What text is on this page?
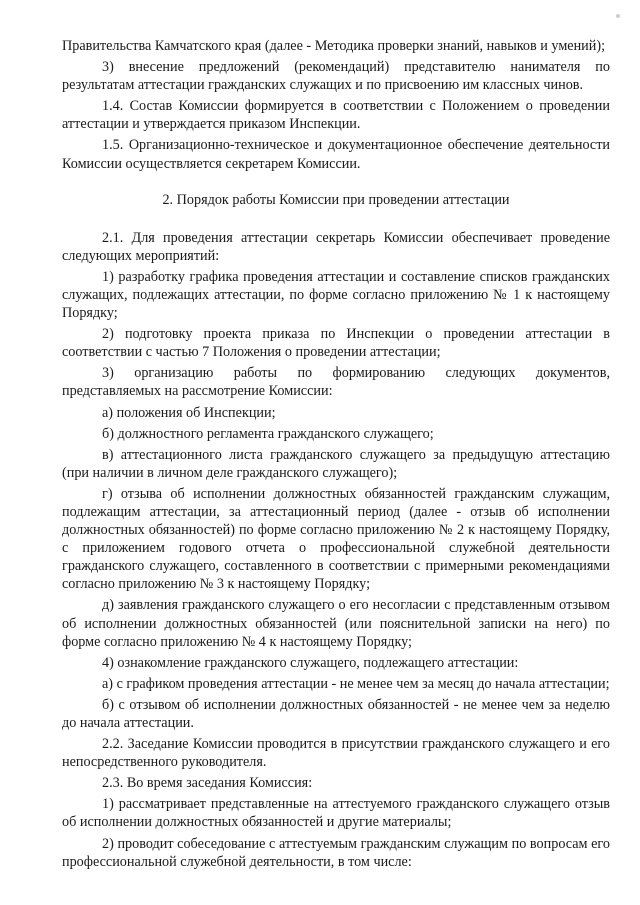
Правительства Камчатского края (далее - Методика проверки знаний, навыков и умений);

3) внесение предложений (рекомендаций) представителю нанимателя по результатам аттестации гражданских служащих и по присвоению им классных чинов.

1.4. Состав Комиссии формируется в соответствии с Положением о проведении аттестации и утверждается приказом Инспекции.

1.5. Организационно-техническое и документационное обеспечение деятельности Комиссии осуществляется секретарем Комиссии.

2. Порядок работы Комиссии при проведении аттестации

2.1. Для проведения аттестации секретарь Комиссии обеспечивает проведение следующих мероприятий:

1) разработку графика проведения аттестации и составление списков гражданских служащих, подлежащих аттестации, по форме согласно приложению № 1 к настоящему Порядку;

2) подготовку проекта приказа по Инспекции о проведении аттестации в соответствии с частью 7 Положения о проведении аттестации;

3) организацию работы по формированию следующих документов, представляемых на рассмотрение Комиссии:

а) положения об Инспекции;

б) должностного регламента гражданского служащего;

в) аттестационного листа гражданского служащего за предыдущую аттестацию (при наличии в личном деле гражданского служащего);

г) отзыва об исполнении должностных обязанностей гражданским служащим, подлежащим аттестации, за аттестационный период (далее - отзыв об исполнении должностных обязанностей) по форме согласно приложению № 2 к настоящему Порядку, с приложением годового отчета о профессиональной служебной деятельности гражданского служащего, составленного в соответствии с примерными рекомендациями согласно приложению № 3 к настоящему Порядку;

д) заявления гражданского служащего о его несогласии с представленным отзывом об исполнении должностных обязанностей (или пояснительной записки на него) по форме согласно приложению № 4 к настоящему Порядку;

4) ознакомление гражданского служащего, подлежащего аттестации:

а) с графиком проведения аттестации - не менее чем за месяц до начала аттестации;

б) с отзывом об исполнении должностных обязанностей - не менее чем за неделю до начала аттестации.

2.2. Заседание Комиссии проводится в присутствии гражданского служащего и его непосредственного руководителя.

2.3. Во время заседания Комиссия:

1) рассматривает представленные на аттестуемого гражданского служащего отзыв об исполнении должностных обязанностей и другие материалы;

2) проводит собеседование с аттестуемым гражданским служащим по вопросам его профессиональной служебной деятельности, в том числе:
